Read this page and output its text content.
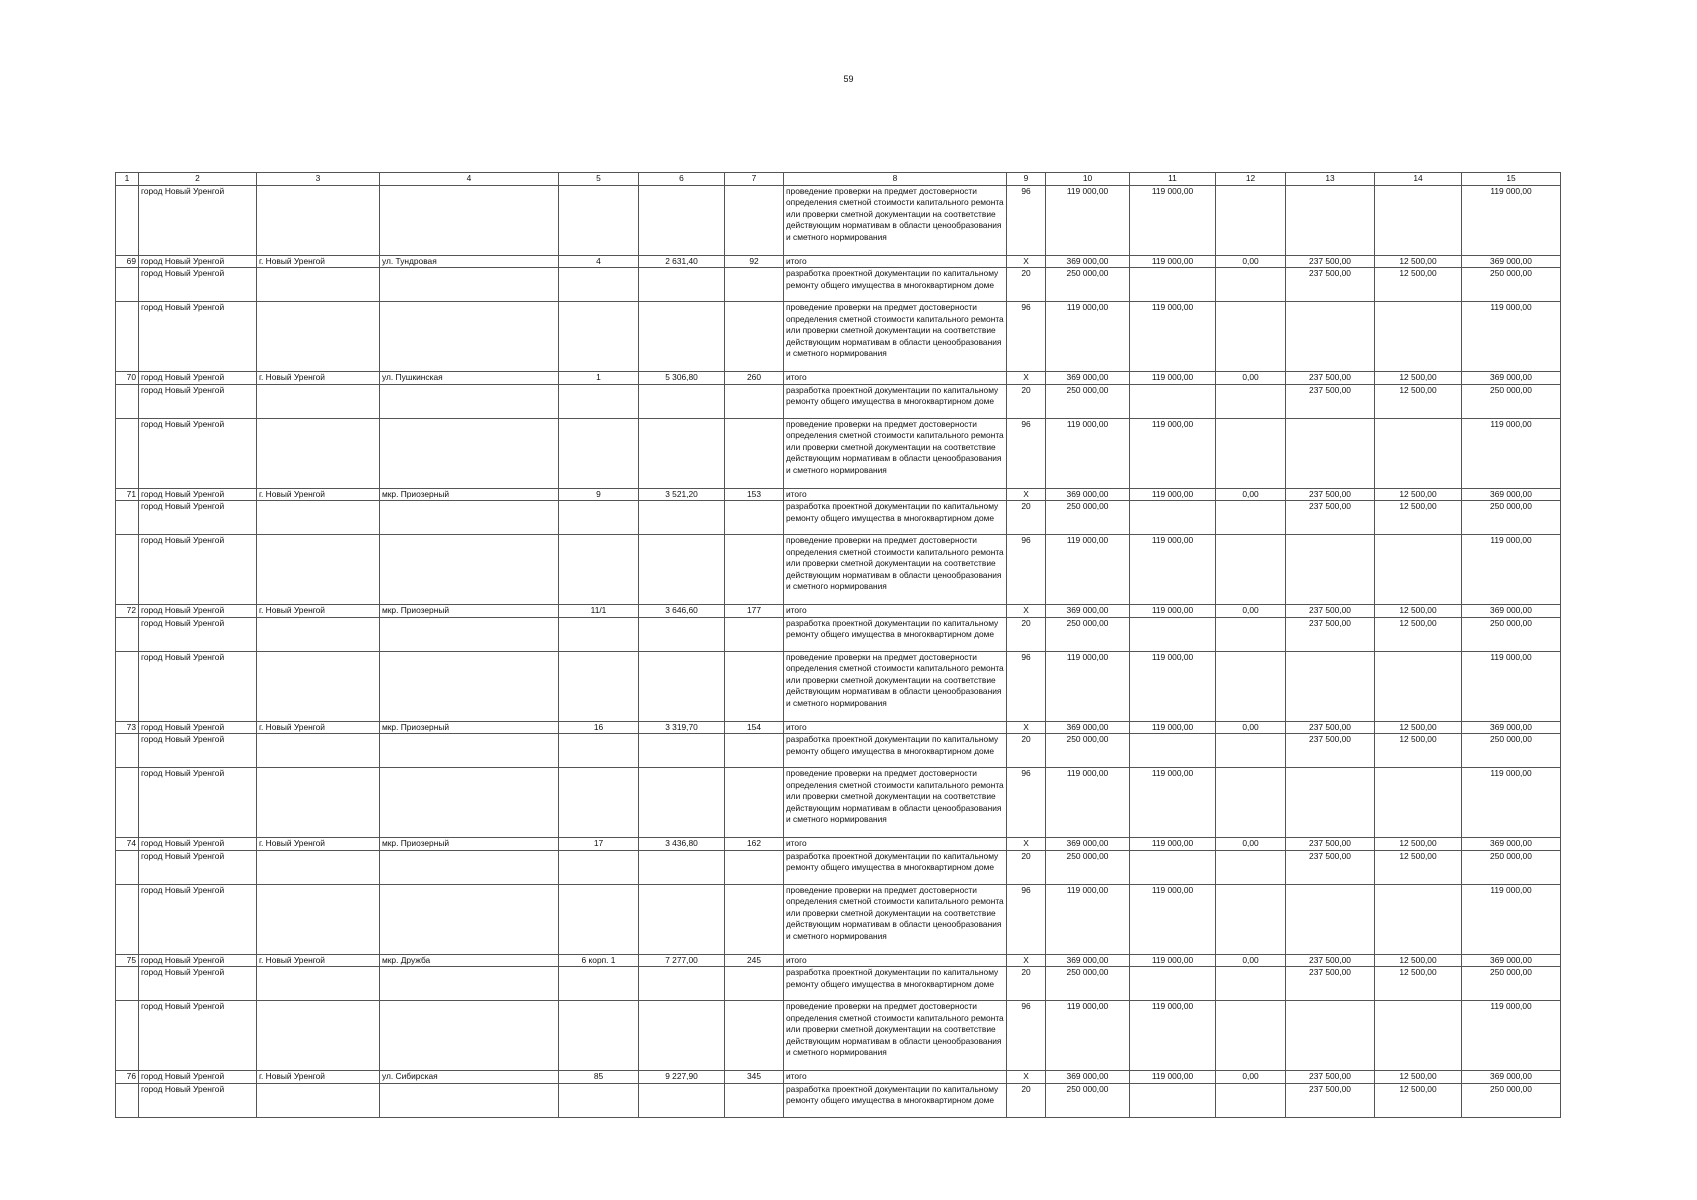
59
1	2	3	4	5	6	7	8	9	10	11	12	13	14	15
	город Новый Уренгой						проведение проверки на предмет достоверности определения сметной стоимости капитального ремонта или проверки сметной документации на соответствие действующим нормативам в области ценообразования и сметного нормирования	96	119 000,00	119 000,00				119 000,00
69	город Новый Уренгой	г. Новый Уренгой	ул. Тундровая	4	2 631,40	92	итого	X	369 000,00	119 000,00	0,00	237 500,00	12 500,00	369 000,00
	город Новый Уренгой						разработка проектной документации по капитальному ремонту общего имущества в многоквартирном доме	20	250 000,00			237 500,00	12 500,00	250 000,00
	город Новый Уренгой						проведение проверки на предмет достоверности определения сметной стоимости капитального ремонта или проверки сметной документации на соответствие действующим нормативам в области ценообразования и сметного нормирования	96	119 000,00	119 000,00				119 000,00
70	город Новый Уренгой	г. Новый Уренгой	ул. Пушкинская	1	5 306,80	260	итого	X	369 000,00	119 000,00	0,00	237 500,00	12 500,00	369 000,00
	город Новый Уренгой						разработка проектной документации по капитальному ремонту общего имущества в многоквартирном доме	20	250 000,00			237 500,00	12 500,00	250 000,00
	город Новый Уренгой						проведение проверки на предмет достоверности определения сметной стоимости капитального ремонта или проверки сметной документации на соответствие действующим нормативам в области ценообразования и сметного нормирования	96	119 000,00	119 000,00				119 000,00
71	город Новый Уренгой	г. Новый Уренгой	мкр. Приозерный	9	3 521,20	153	итого	X	369 000,00	119 000,00	0,00	237 500,00	12 500,00	369 000,00
	город Новый Уренгой						разработка проектной документации по капитальному ремонту общего имущества в многоквартирном доме	20	250 000,00			237 500,00	12 500,00	250 000,00
	город Новый Уренгой						проведение проверки на предмет достоверности определения сметной стоимости капитального ремонта или проверки сметной документации на соответствие действующим нормативам в области ценообразования и сметного нормирования	96	119 000,00	119 000,00				119 000,00
72	город Новый Уренгой	г. Новый Уренгой	мкр. Приозерный	11/1	3 646,60	177	итого	X	369 000,00	119 000,00	0,00	237 500,00	12 500,00	369 000,00
	город Новый Уренгой						разработка проектной документации по капитальному ремонту общего имущества в многоквартирном доме	20	250 000,00			237 500,00	12 500,00	250 000,00
	город Новый Уренгой						проведение проверки на предмет достоверности определения сметной стоимости капитального ремонта или проверки сметной документации на соответствие действующим нормативам в области ценообразования и сметного нормирования	96	119 000,00	119 000,00				119 000,00
73	город Новый Уренгой	г. Новый Уренгой	мкр. Приозерный	16	3 319,70	154	итого	X	369 000,00	119 000,00	0,00	237 500,00	12 500,00	369 000,00
	город Новый Уренгой						разработка проектной документации по капитальному ремонту общего имущества в многоквартирном доме	20	250 000,00			237 500,00	12 500,00	250 000,00
	город Новый Уренгой						проведение проверки на предмет достоверности определения сметной стоимости капитального ремонта или проверки сметной документации на соответствие действующим нормативам в области ценообразования и сметного нормирования	96	119 000,00	119 000,00				119 000,00
74	город Новый Уренгой	г. Новый Уренгой	мкр. Приозерный	17	3 436,80	162	итого	X	369 000,00	119 000,00	0,00	237 500,00	12 500,00	369 000,00
	город Новый Уренгой						разработка проектной документации по капитальному ремонту общего имущества в многоквартирном доме	20	250 000,00			237 500,00	12 500,00	250 000,00
	город Новый Уренгой						проведение проверки на предмет достоверности определения сметной стоимости капитального ремонта или проверки сметной документации на соответствие действующим нормативам в области ценообразования и сметного нормирования	96	119 000,00	119 000,00				119 000,00
75	город Новый Уренгой	г. Новый Уренгой	мкр. Дружба	6 корп. 1	7 277,00	245	итого	X	369 000,00	119 000,00	0,00	237 500,00	12 500,00	369 000,00
	город Новый Уренгой						разработка проектной документации по капитальному ремонту общего имущества в многоквартирном доме	20	250 000,00			237 500,00	12 500,00	250 000,00
	город Новый Уренгой						проведение проверки на предмет достоверности определения сметной стоимости капитального ремонта или проверки сметной документации на соответствие действующим нормативам в области ценообразования и сметного нормирования	96	119 000,00	119 000,00				119 000,00
76	город Новый Уренгой	г. Новый Уренгой	ул. Сибирская	85	9 227,90	345	итого	X	369 000,00	119 000,00	0,00	237 500,00	12 500,00	369 000,00
	город Новый Уренгой						разработка проектной документации по капитальному ремонту общего имущества в многоквартирном доме	20	250 000,00			237 500,00	12 500,00	250 000,00
